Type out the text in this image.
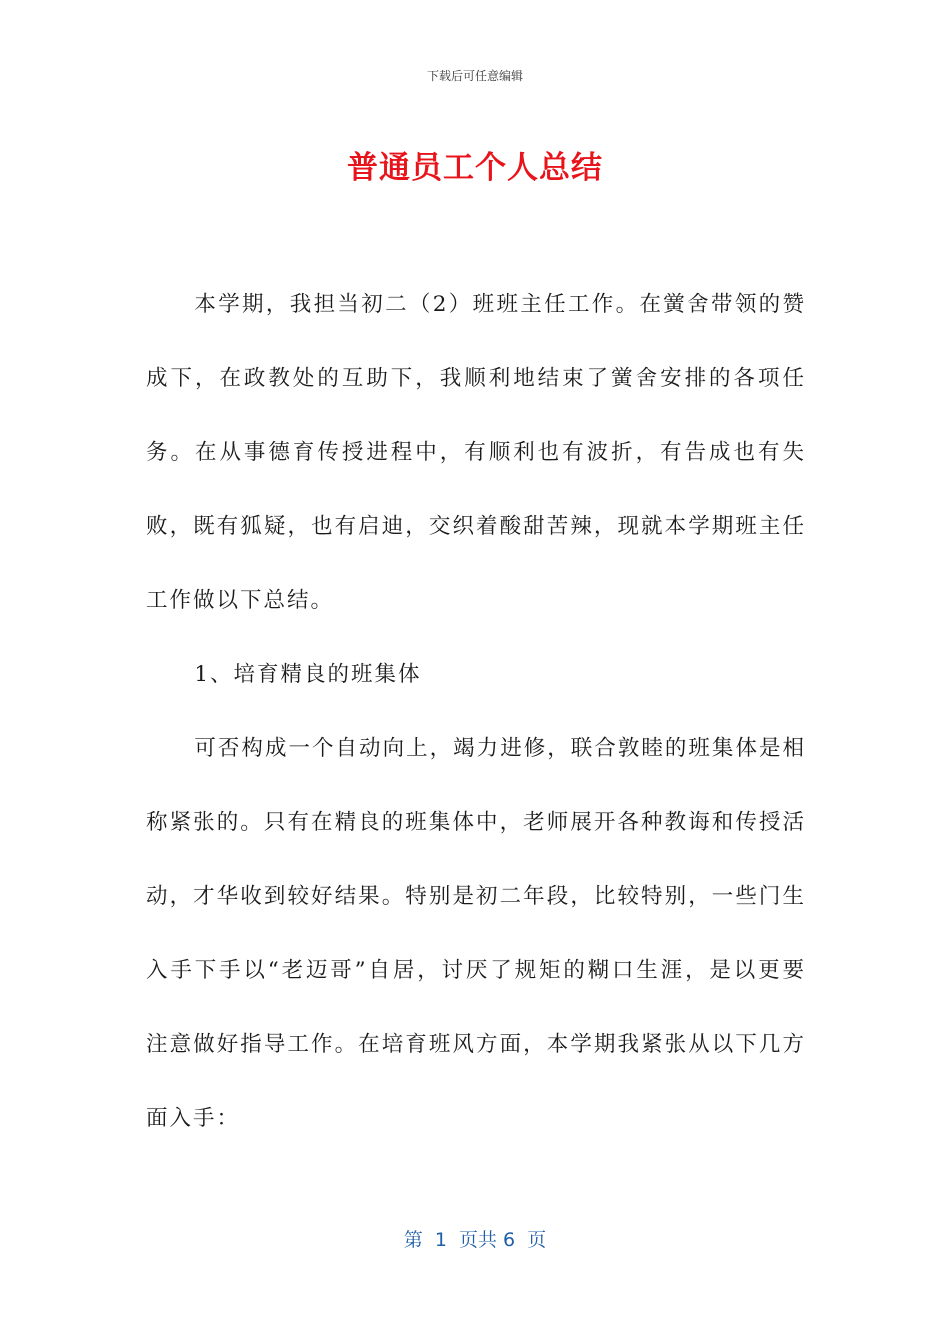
下载后可任意编辑
普通员工个人总结

本学期，我担当初二（2）班班主任工作。在黉舍带领的赞成下，在政教处的互助下，我顺利地结束了黉舍安排的各项任务。在从事德育传授进程中，有顺利也有波折，有告成也有失败，既有狐疑，也有启迪，交织着酸甜苦辣，现就本学期班主任工作做以下总结。

1、培育精良的班集体

可否构成一个自动向上，竭力进修，联合敦睦的班集体是相称紧张的。只有在精良的班集体中，老师展开各种教诲和传授活动，才华收到较好结果。特别是初二年段，比较特别，一些门生入手下手以“老迈哥”自居，讨厌了规矩的糊口生涯，是以更要注意做好指导工作。在培育班风方面，本学期我紧张从以下几方面入手：

第  1  页共 6  页
